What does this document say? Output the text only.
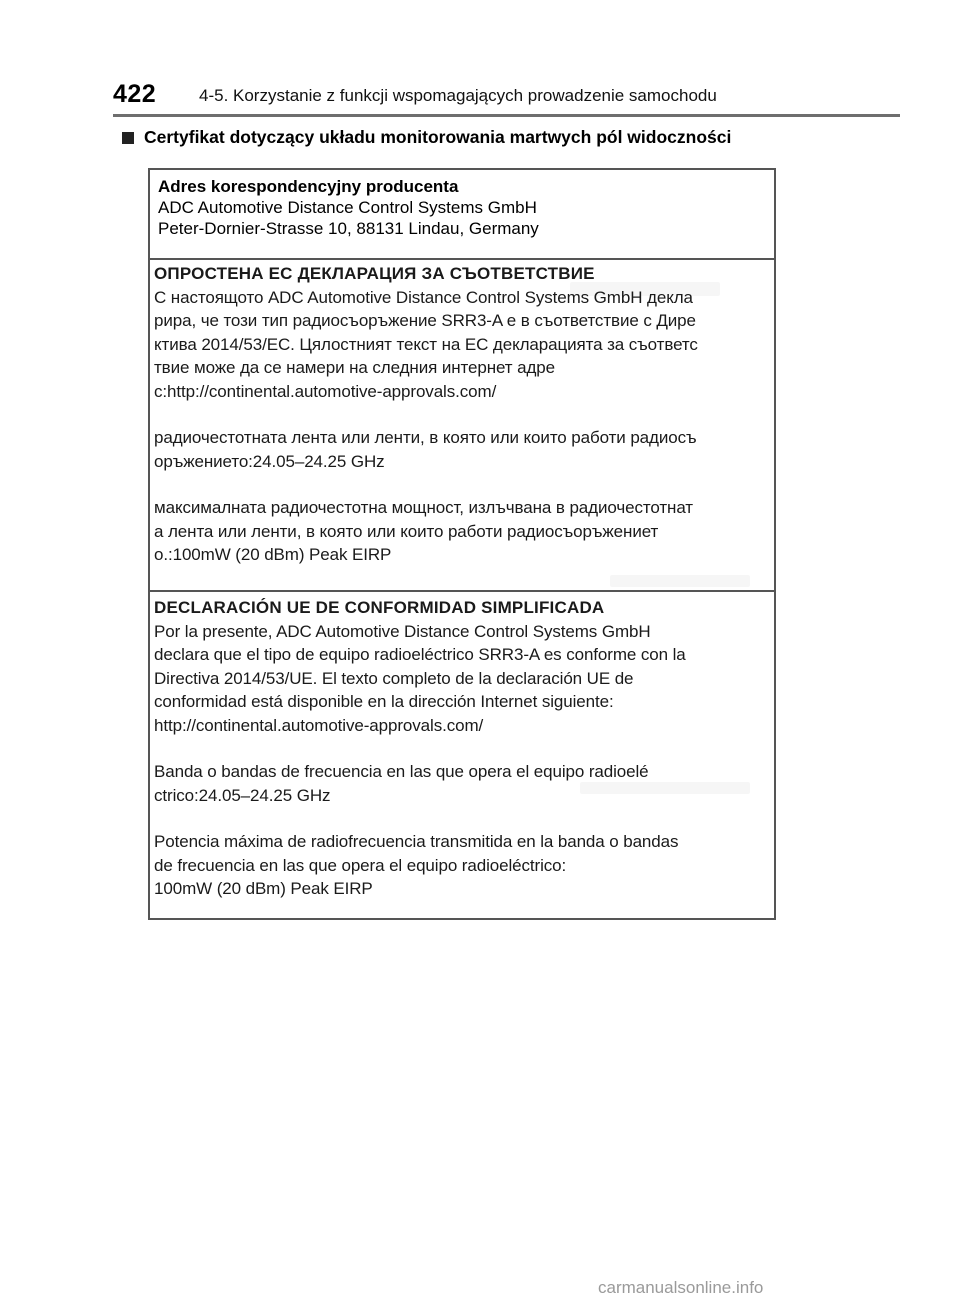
422	4-5. Korzystanie z funkcji wspomagających prowadzenie samochodu
Certyfikat dotyczący układu monitorowania martwych pól widoczności
Adres korespondencyjny producenta
ADC Automotive Distance Control Systems GmbH
Peter-Dornier-Strasse 10, 88131 Lindau, Germany

ОПРОСТЕНА ЕС ДЕКЛАРАЦИЯ ЗА СЪОТВЕТСТВИЕ

С настоящото ADC Automotive Distance Control Systems GmbH декла

рира, че този тип радиосъоръжение SRR3-A е в съответствие с Дире

ктива 2014/53/ЕС. Цялостният текст на ЕС декларацията за съответс

твие може да се намери на следния интернет адре

с:http://continental.automotive-approvals.com/

радиочестотната лента или ленти, в която или които работи радиосъ

оръжението:24.05–24.25 GHz

максималната радиочестотна мощност, излъчвана в радиочестотнат

а лента или ленти, в която или които работи радиосъоръжениет

о.:100mW (20 dBm) Peak EIRP

DECLARACIÓN UE DE CONFORMIDAD SIMPLIFICADA

Por la presente, ADC Automotive Distance Control Systems GmbH

declara que el tipo de equipo radioeléctrico SRR3-A es conforme con la

Directiva 2014/53/UE. El texto completo de la declaración UE de

conformidad está disponible en la dirección Internet siguiente:

http://continental.automotive-approvals.com/

Banda o bandas de frecuencia en las que opera el equipo radioelé

ctrico:24.05–24.25 GHz

Potencia máxima de radiofrecuencia transmitida en la banda o bandas

de frecuencia en las que opera el equipo radioeléctrico:

100mW (20 dBm) Peak EIRP

carmanualsonline.info
